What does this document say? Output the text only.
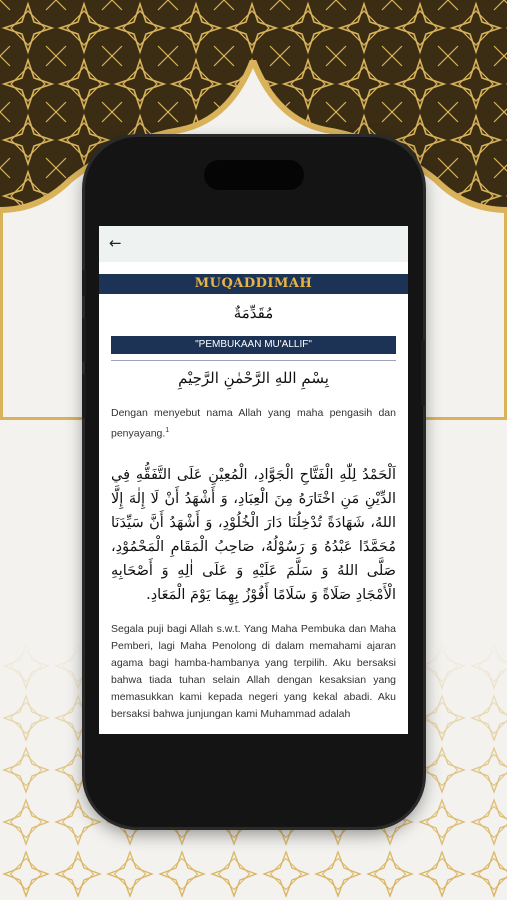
←
MUQADDIMAH
مُقَدِّمَةٌ
"PEMBUKAAN MU'ALLIF"
بِسْمِ اللهِ الرَّحْمٰنِ الرَّحِيْمِ
Dengan menyebut nama Allah yang maha pengasih dan penyayang.$^1$
اَلْحَمْدُ لِلّٰهِ الْفَتَّاحِ الْجَوَّادِ، الْمُعِيْنِ عَلَى التَّفَقُّهِ فِي الدِّيْنِ مَنِ اخْتَارَهُ مِنَ الْعِبَادِ، وَ أَشْهَدُ أَنْ لَا إِلٰهَ إِلَّا اللهُ، شَهَادَةً تُدْخِلُنَا دَارَ الْخُلُوْدِ، وَ أَشْهَدُ أَنَّ سَيِّدَنَا مُحَمَّدًا عَبْدُهُ وَ رَسُوْلُهُ، صَاحِبُ الْمَقَامِ الْمَحْمُوْدِ، صَلَّى اللهُ وَ سَلَّمَ عَلَيْهِ وَ عَلَى اٰلِهِ وَ أَصْحَابِهِ الْأَمْجَادِ صَلَاةً وَ سَلَامًا أَفُوْزُ بِهِمَا يَوْمَ الْمَعَادِ.
Segala puji bagi Allah s.w.t. Yang Maha Pembuka dan Maha Pemberi, lagi Maha Penolong di dalam memahami ajaran agama bagi hamba-hambanya yang terpilih. Aku bersaksi bahwa tiada tuhan selain Allah dengan kesaksian yang memasukkan kami kepada negeri yang kekal abadi. Aku bersaksi bahwa junjungan kami Muhammad adalah
